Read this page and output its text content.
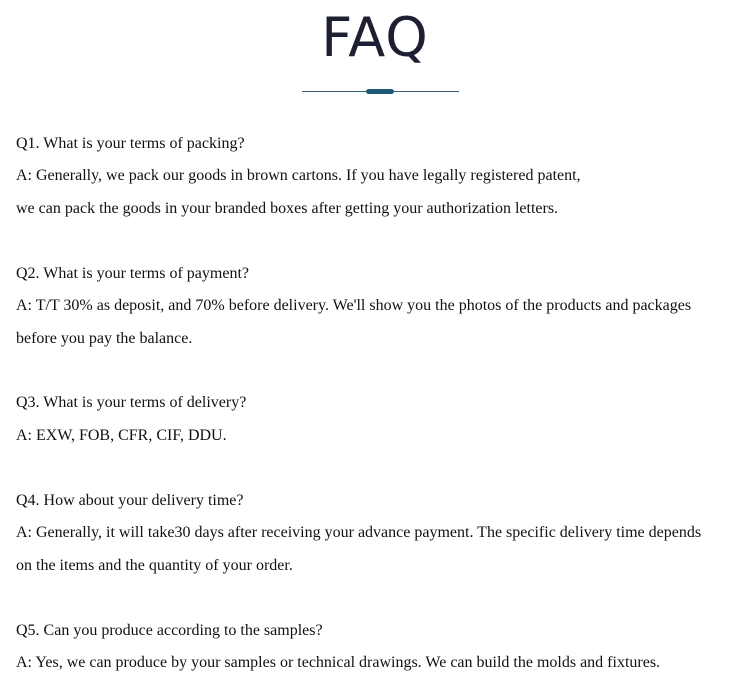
FAQ

Q1. What is your terms of packing?

A: Generally, we pack our goods in brown cartons. If you have legally registered patent,

we can pack the goods in your branded boxes after getting your authorization letters.

Q2. What is your terms of payment?

A: T/T 30% as deposit, and 70% before delivery. We'll show you the photos of the products and packages

before you pay the balance.

Q3. What is your terms of delivery?

A: EXW, FOB, CFR, CIF, DDU.

Q4. How about your delivery time?

A: Generally, it will take30 days after receiving your advance payment. The specific delivery time depends

on the items and the quantity of your order.

Q5. Can you produce according to the samples?

A: Yes, we can produce by your samples or technical drawings. We can build the molds and fixtures.
